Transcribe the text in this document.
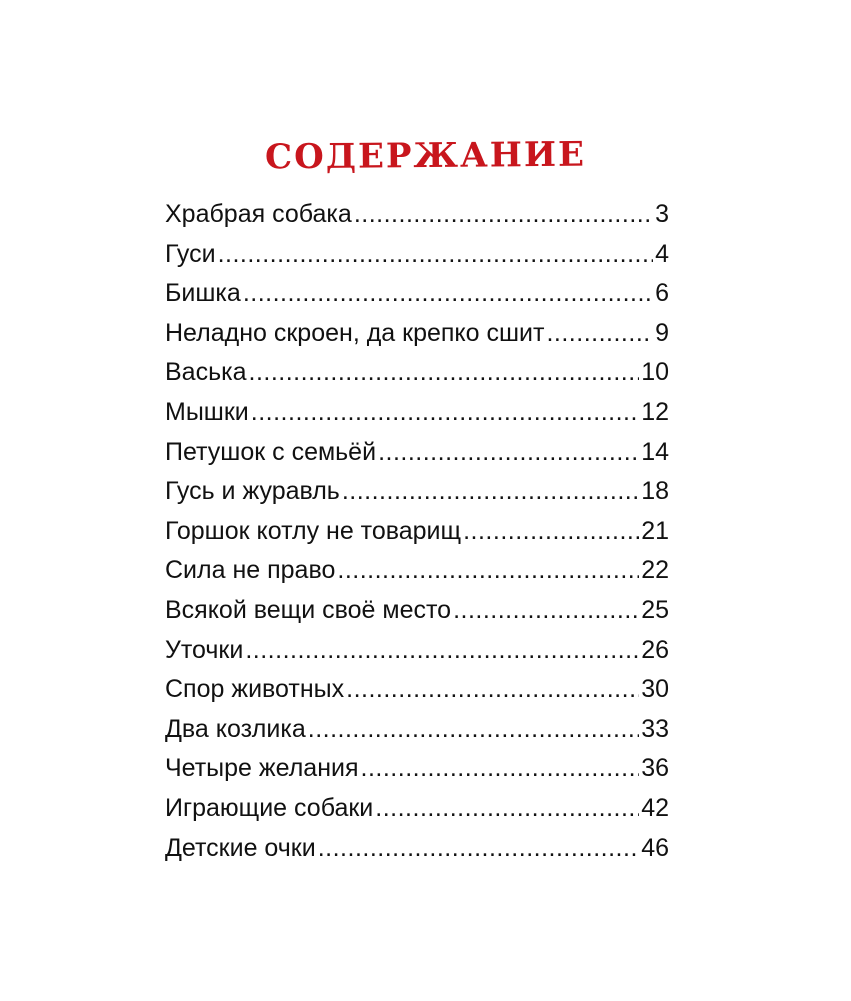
СОДЕРЖАНИЕ
Храбрая собака .....	3
Гуси .....	4
Бишка .....	6
Неладно скроен, да крепко сшит .....	9
Васька .....	10
Мышки .....	12
Петушок с семьёй .....	14
Гусь и журавль .....	18
Горшок котлу не товарищ .....	21
Сила не право .....	22
Всякой вещи своё место .....	25
Уточки .....	26
Спор животных .....	30
Два козлика .....	33
Четыре желания .....	36
Играющие собаки .....	42
Детские очки .....	46
